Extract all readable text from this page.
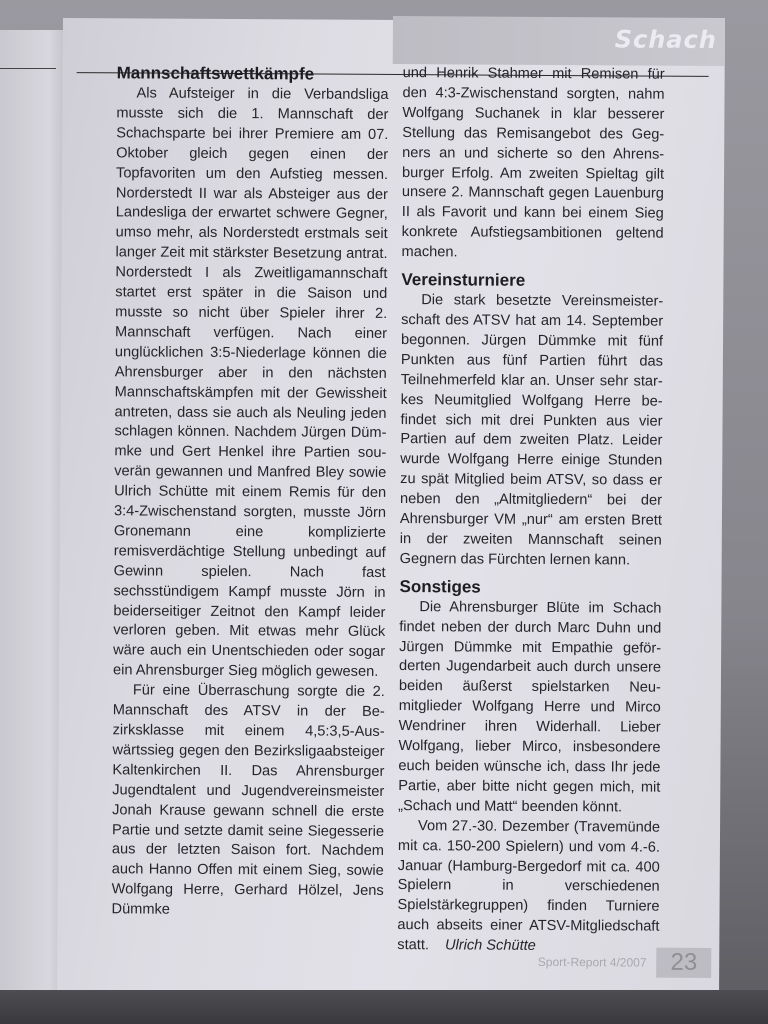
Schach
Mannschaftswettkämpfe

Als Aufsteiger in die Verbandsliga musste sich die 1. Mannschaft der Schachsparte bei ihrer Premiere am 07. Oktober gleich gegen einen der Topfavoriten um den Aufstieg messen. Norderstedt II war als Absteiger aus der Landesliga der erwartet schwere Gegner, umso mehr, als Norderstedt erstmals seit langer Zeit mit stärkster Besetzung antrat. Norderstedt I als Zweitligamannschaft startet erst später in die Saison und musste so nicht über Spieler ihrer 2. Mannschaft verfügen. Nach einer unglücklichen 3:5-Niederlage können die Ahrensburger aber in den nächsten Mannschaftskämpfen mit der Gewissheit antreten, dass sie auch als Neuling jeden schlagen können. Nachdem Jürgen Dümmke und Gert Henkel ihre Partien souverän gewannen und Manfred Bley sowie Ulrich Schütte mit einem Remis für den 3:4-Zwischenstand sorgten, musste Jörn Gronemann eine komplizierte remisverdächtige Stellung unbedingt auf Gewinn spielen. Nach fast sechsstündigem Kampf musste Jörn in beiderseitiger Zeitnot den Kampf leider verloren geben. Mit etwas mehr Glück wäre auch ein Unentschieden oder sogar ein Ahrensburger Sieg möglich gewesen.

Für eine Überraschung sorgte die 2. Mannschaft des ATSV in der Bezirksklasse mit einem 4,5:3,5-Auswärtssieg gegen den Bezirksligaabsteiger Kaltenkirchen II. Das Ahrensburger Jugendtalent und Jugendvereinsmeister Jonah Krause gewann schnell die erste Partie und setzte damit seine Siegesserie aus der letzten Saison fort. Nachdem auch Hanno Offen mit einem Sieg, sowie Wolfgang Herre, Gerhard Hölzel, Jens Dümmke

und Henrik Stahmer mit Remisen für den 4:3-Zwischenstand sorgten, nahm Wolfgang Suchanek in klar besserer Stellung das Remisangebot des Gegners an und sicherte so den Ahrensburger Erfolg. Am zweiten Spieltag gilt unsere 2. Mannschaft gegen Lauenburg II als Favorit und kann bei einem Sieg konkrete Aufstiegsambitionen geltend machen.

Vereinsturniere

Die stark besetzte Vereinsmeisterschaft des ATSV hat am 14. September begonnen. Jürgen Dümmke mit fünf Punkten aus fünf Partien führt das Teilnehmerfeld klar an. Unser sehr starkes Neumitglied Wolfgang Herre befindet sich mit drei Punkten aus vier Partien auf dem zweiten Platz. Leider wurde Wolfgang Herre einige Stunden zu spät Mitglied beim ATSV, so dass er neben den „Altmitgliedern“ bei der Ahrensburger VM „nur“ am ersten Brett in der zweiten Mannschaft seinen Gegnern das Fürchten lernen kann.

Sonstiges

Die Ahrensburger Blüte im Schach findet neben der durch Marc Duhn und Jürgen Dümmke mit Empathie geförderten Jugendarbeit auch durch unsere beiden äußerst spielstarken Neumitglieder Wolfgang Herre und Mirco Wendriner ihren Widerhall. Lieber Wolfgang, lieber Mirco, insbesondere euch beiden wünsche ich, dass Ihr jede Partie, aber bitte nicht gegen mich, mit „Schach und Matt“ beenden könnt.

Vom 27.-30. Dezember (Travemünde mit ca. 150-200 Spielern) und vom 4.-6. Januar (Hamburg-Bergedorf mit ca. 400 Spielern in verschiedenen Spielstärkegruppen) finden Turniere auch abseits einer ATSV-Mitgliedschaft statt. Ulrich Schütte

Sport-Report 4/2007 23
